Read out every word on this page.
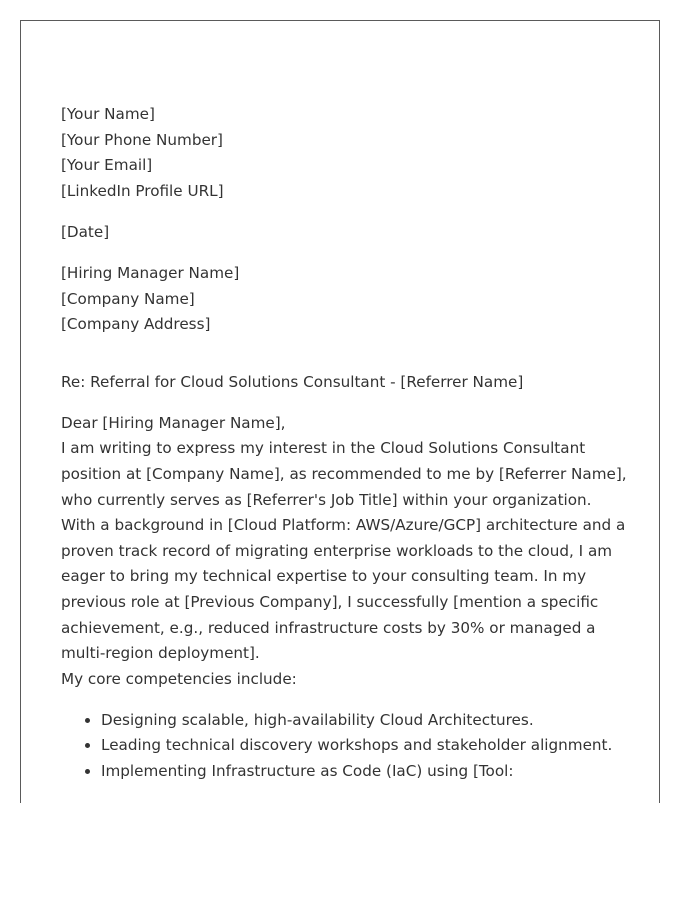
[Your Name]
[Your Phone Number]
[Your Email]
[LinkedIn Profile URL]
[Date]
[Hiring Manager Name]
[Company Name]
[Company Address]
Re: Referral for Cloud Solutions Consultant - [Referrer Name]
Dear [Hiring Manager Name],

I am writing to express my interest in the Cloud Solutions Consultant position at [Company Name], as recommended to me by [Referrer Name], who currently serves as [Referrer's Job Title] within your organization.

With a background in [Cloud Platform: AWS/Azure/GCP] architecture and a proven track record of migrating enterprise workloads to the cloud, I am eager to bring my technical expertise to your consulting team. In my previous role at [Previous Company], I successfully [mention a specific achievement, e.g., reduced infrastructure costs by 30% or managed a multi-region deployment].

My core competencies include:

• Designing scalable, high-availability Cloud Architectures.
• Leading technical discovery workshops and stakeholder alignment.
• Implementing Infrastructure as Code (IaC) using [Tool:
